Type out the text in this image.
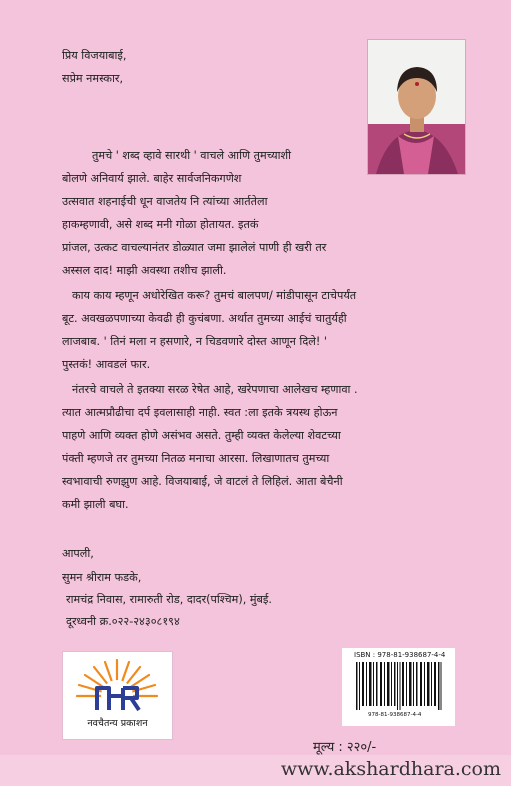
प्रिय विजयाबाई,
सप्रेम नमस्कार,
तुमचे ' शब्द व्हावे सारथी ' वाचले आणि तुमच्याशी
बोलणे अनिवार्य झाले. बाहेर सार्वजनिकगणेश
उत्सवात शहनाईची धून वाजतेय नि त्यांच्या आर्ततेला
हाकम्हणावी, असे शब्द मनी गोळा होतायत. इतकं
प्रांजल, उत्कट वाचल्यानंतर डोळ्यात जमा झालेलं पाणी ही खरी तर
अस्सल दाद! माझी अवस्था तशीच झाली.
काय काय म्हणून अधोरेखित करू? तुमचं बालपण/ मांडीपासून टाचेपर्यंत
बूट. अवखळपणाच्या केवढी ही कुचंबणा. अर्थात तुमच्या आईचं चातुर्यही
लाजबाब. ' तिनं मला न हसणारे, न चिडवणारे दोस्त आणून दिले! '
पुस्तकं! आवडलं फार.
नंतरचे वाचले ते इतक्या सरळ रेषेत आहे, खरेपणाचा आलेखच म्हणावा .
त्यात आत्मप्रौढीचा दर्प इवलासाही नाही. स्वत :ला इतके त्रयस्थ होऊन
पाहणे आणि व्यक्त होणे असंभव असते. तुम्ही व्यक्त केलेल्या शेवटच्या
पंक्ती म्हणजे तर तुमच्या नितळ मनाचा आरसा. लिखाणातच तुमच्या
स्वभावाची रुणझुण आहे. विजयाबाई, जे वाटलं ते लिहिलं. आता बेचैनी
कमी झाली बघा.
आपली,
सुमन श्रीराम फडके,
रामचंद्र निवास, रामारुती रोड, दादर(पश्चिम), मुंबई.
दूरध्वनी क्र.०२२-२४३०८१९४
नवचैतन्य प्रकाशन
ISBN : 978-81-938687-4-4
978-81-938687-4-4
मूल्य : २२०/-
www.akshardhara.com
